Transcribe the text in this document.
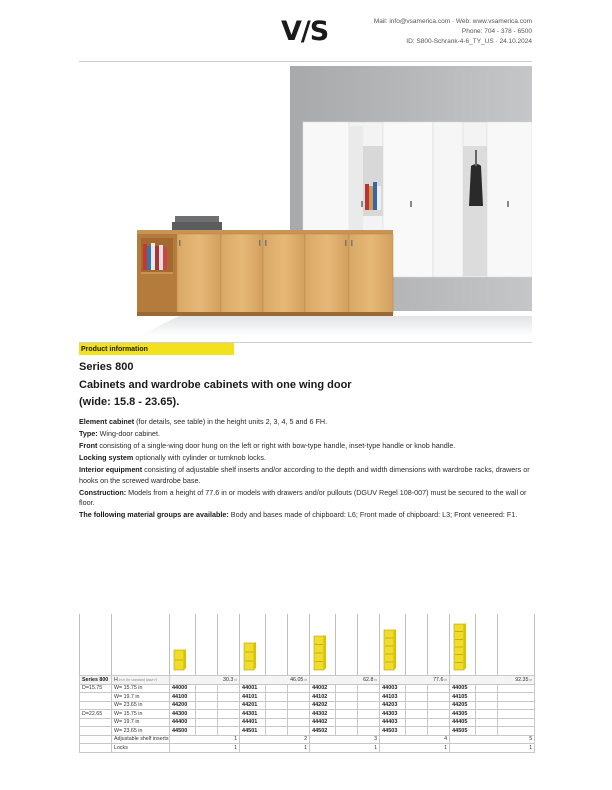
V/S	Mail: info@vsamerica.com · Web: www.vsamerica.com
Phone: 704 - 378 - 6500
ID: S800-Schrank-4-6_TY_US · 24.10.2024
Product information
Series 800
Cabinets and wardrobe cabinets with one wing door
(wide: 15.8 - 23.65).

Element cabinet (for details, see table) in the height units 2, 3, 4, 5 and 6 FH.

Type: Wing-door cabinet.

Front consisting of a single-wing door hung on the left or right with bow-type handle, inset-type handle or knob handle.

Locking system optionally with cylinder or turnknob locks.

Interior equipment consisting of adjustable shelf inserts and/or according to the depth and width dimensions with wardrobe racks, drawers or hooks on the screwed wardrobe base.

Construction: Models from a height of 77.6 in or models with drawers and/or pullouts (DGUV Regel 108-007) must be secured to the wall or floor.

The following material groups are available: Body and bases made of chipboard: L6; Front made of chipboard: L3; Front veneered: F1.

Series 800	H in in for standard base H	30.3 in			46.05 in			62.8 in			77.6 in			92.35 in		
D=15.75	W= 15.75 in	44000			44001			44002			44003			44005		
	W= 19.7 in	44100			44101			44102			44103			44105		
	W= 23.65 in	44200			44201			44202			44203			44205		
D=22.65	W= 15.75 in	44300			44301			44302			44303			44305		
	W= 19.7 in	44400			44401			44402			44403			44405		
	W= 23.65 in	44500			44501			44502			44503			44505		
	Adjustable shelf inserts	1			2			3			4			5		
	Locks	1			1			1			1			1		
